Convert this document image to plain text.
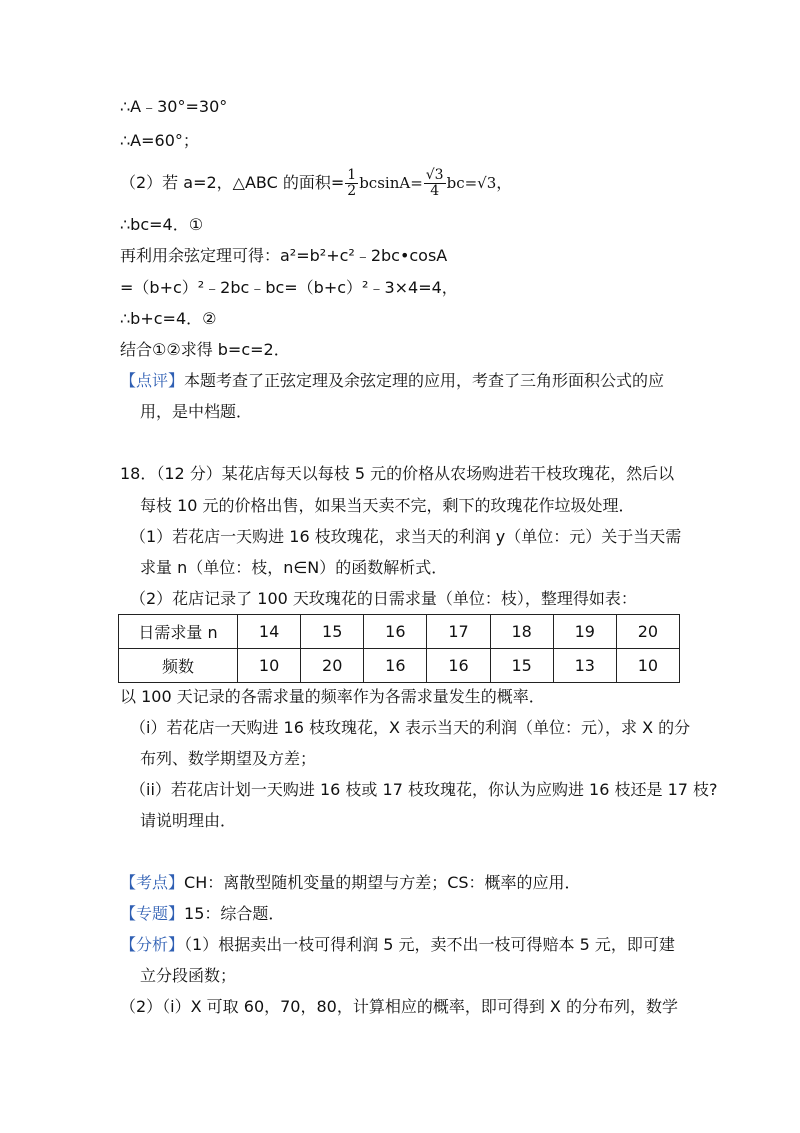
∴A﹣30°=30°
∴A=60°；
（2）若 a=2，△ABC 的面积= $\frac{1}{2} bcsinA= \frac{√3}{4} bc=√3$，
∴bc=4．①
再利用余弦定理可得：a²=b²+c²﹣2bc•cosA
=（b+c）²﹣2bc﹣bc=（b+c）²﹣3×4=4，
∴b+c=4．②
结合①②求得 b=c=2．
【点评】本题考查了正弦定理及余弦定理的应用，考查了三角形面积公式的应
用，是中档题．
18．（12 分）某花店每天以每枝 5 元的价格从农场购进若干枝玫瑰花，然后以
每枝 10 元的价格出售，如果当天卖不完，剩下的玫瑰花作垃圾处理．
（1）若花店一天购进 16 枝玫瑰花，求当天的利润 y（单位：元）关于当天需
求量 n（单位：枝，n∈N）的函数解析式．
（2）花店记录了 100 天玫瑰花的日需求量（单位：枝），整理得如表：
日需求量 n	14	15	16	17	18	19	20
频数	10	20	16	16	15	13	10
以 100 天记录的各需求量的频率作为各需求量发生的概率．
（i）若花店一天购进 16 枝玫瑰花，X 表示当天的利润（单位：元），求 X 的分
布列、数学期望及方差；
（ii）若花店计划一天购进 16 枝或 17 枝玫瑰花，你认为应购进 16 枝还是 17 枝?
请说明理由．
【考点】CH：离散型随机变量的期望与方差；CS：概率的应用．
【专题】15：综合题．
【分析】（1）根据卖出一枝可得利润 5 元，卖不出一枝可得赔本 5 元，即可建
立分段函数；
（2）（i）X 可取 60，70，80，计算相应的概率，即可得到 X 的分布列，数学
